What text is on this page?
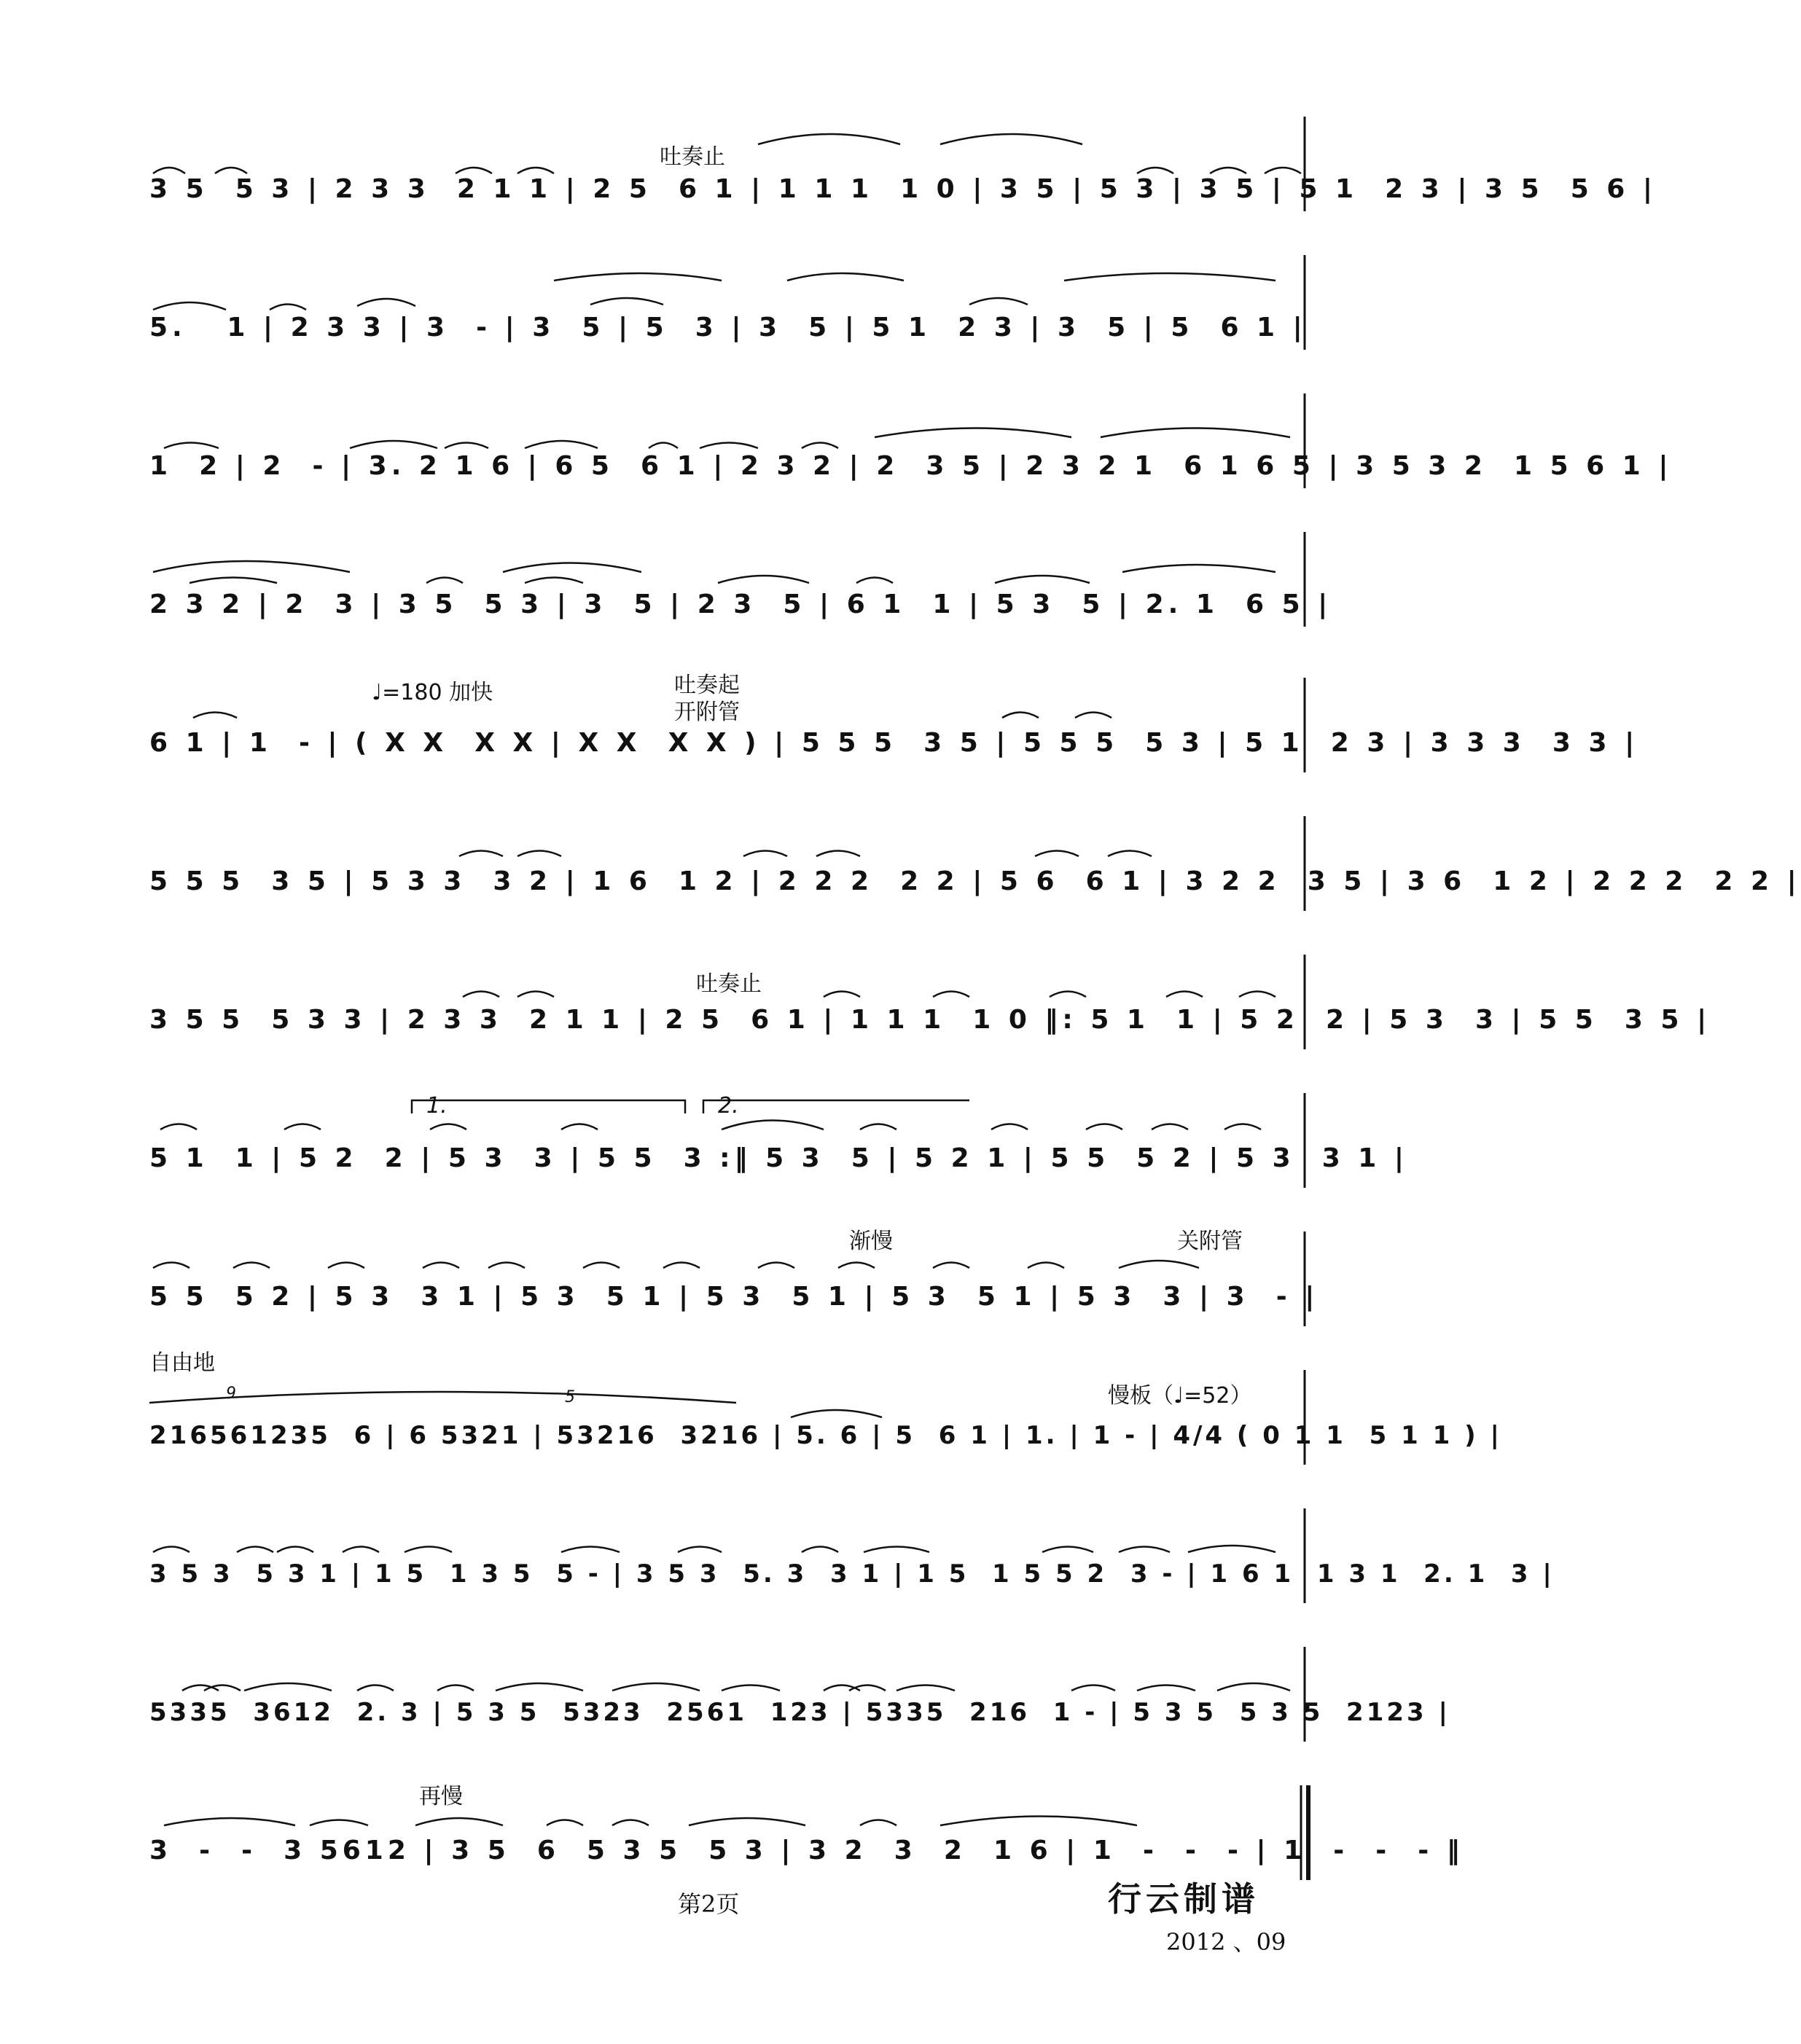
3 5  5 3 | 2 3 3  2 1 1 | 2 5  6 1 | 1 1 1  1 0 | 3 5 | 5 3 | 3 5 | 5 1  2 3 | 3 5  5 6 |
吐奏止
5.   1 | 2 3 3 | 3  - | 3  5 | 5  3 | 3  5 | 5 1  2 3 | 3  5 | 5  6 1 |
1  2 | 2  - | 3. 2 1 6 | 6 5  6 1 | 2 3 2 | 2  3 5 | 2 3 2 1  6 1 6 5 | 3 5 3 2  1 5 6 1 |
2 3 2 | 2  3 | 3 5  5 3 | 3  5 | 2 3  5 | 6 1  1 | 5 3  5 | 2. 1  6 5 |
6 1 | 1  - | ( X X  X X | X X  X X ) | 5 5 5  3 5 | 5 5 5  5 3 | 5 1  2 3 | 3 3 3  3 3 |
♩=180 加快	吐奏起
开附管
5 5 5  3 5 | 5 3 3  3 2 | 1 6  1 2 | 2 2 2  2 2 | 5 6  6 1 | 3 2 2  3 5 | 3 6  1 2 | 2 2 2  2 2 |
3 5 5  5 3 3 | 2 3 3  2 1 1 | 2 5  6 1 | 1 1 1  1 0 ‖: 5 1  1 | 5 2  2 | 5 3  3 | 5 5  3 5 |
吐奏止
5 1  1 | 5 2  2 | 5 3  3 | 5 5  3 :‖ 5 3  5 | 5 2 1 | 5 5  5 2 | 5 3  3 1 |
1.	2.
5 5  5 2 | 5 3  3 1 | 5 3  5 1 | 5 3  5 1 | 5 3  5 1 | 5 3  3 | 3  - |
渐慢	关附管
216561235  6 | 6 5321 | 53216  3216 | 5. 6 | 5  6 1 | 1. | 1 - | 4/4 ( 0 1 1  5 1 1 ) |
自由地
慢板（♩=52）
9	5
3 5 3  5 3 1 | 1 5  1 3 5  5 - | 3 5 3  5. 3  3 1 | 1 5  1 5 5 2  3 - | 1 6 1  1 3 1  2. 1  3 |
5335  3612  2. 3 | 5 3 5  5323  2561  123 | 5335  216  1 - | 5 3 5  5 3 5  2123 |
3  -  -  3 5612 | 3 5  6  5 3 5  5 3 | 3 2  3  2  1 6 | 1  -  -  - | 1  -  -  - ‖
再慢
第2页	行云制谱
2012 、09
